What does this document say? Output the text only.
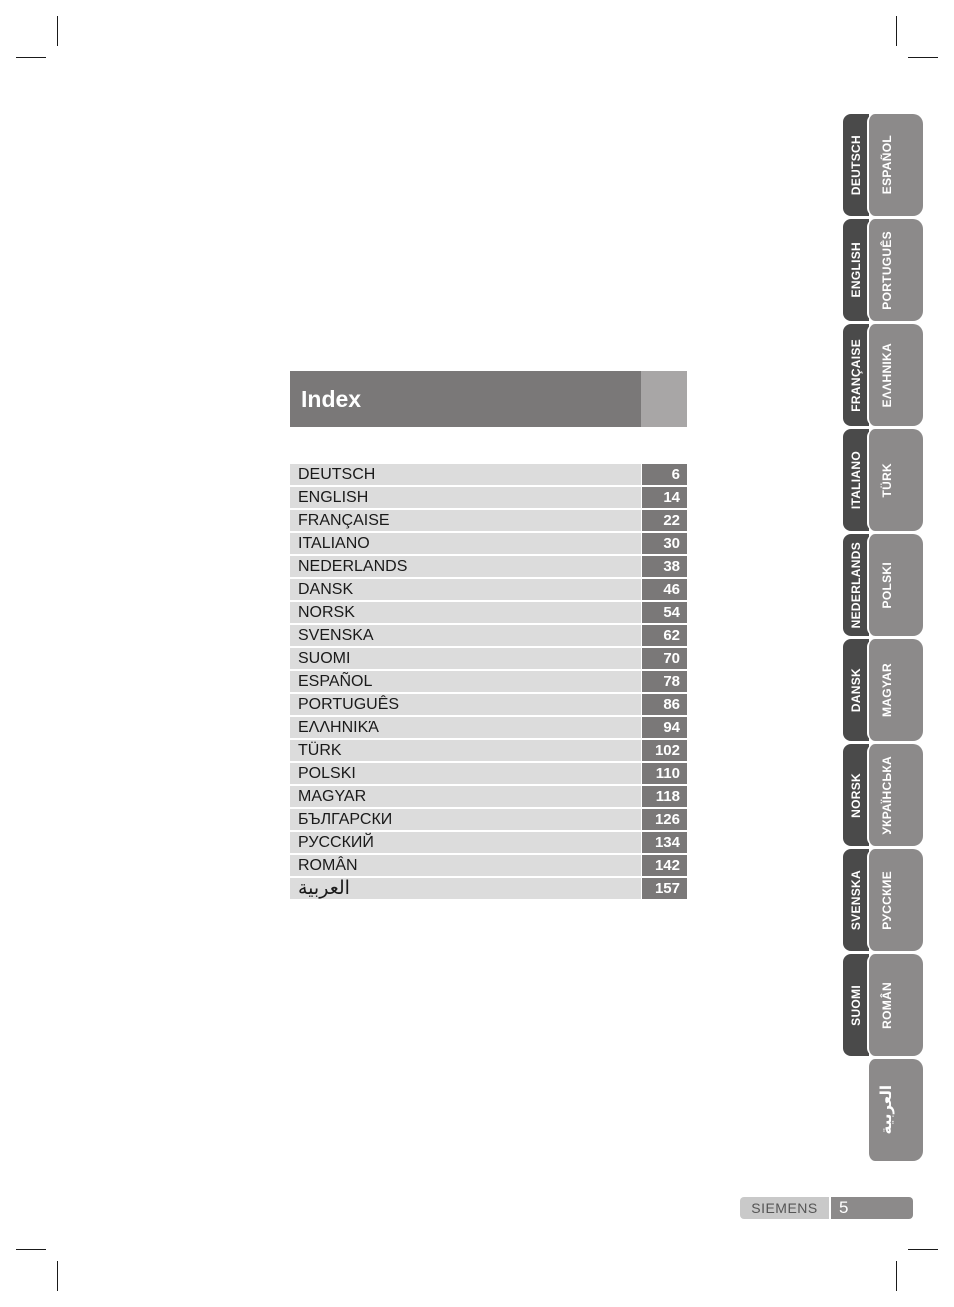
Index
DEUTSCH	6
ENGLISH	14
FRANÇAISE	22
ITALIANO	30
NEDERLANDS	38
DANSK	46
NORSK	54
SVENSKA	62
SUOMI	70
ESPAÑOL	78
PORTUGUÊS	86
ΕΛΛΗΝΙΚΆ	94
TÜRK	102
POLSKI	110
MAGYAR	118
БЪЛГАРСКИ	126
РУССКИЙ	134
ROMÂN	142
العربية	157
DEUTSCH
ENGLISH
FRANÇAISE
ITALIANO
NEDERLANDS
DANSK
NORSK
SVENSKA
SUOMI
ESPAÑOL
PORTUGUÊS
ΕΛΛΗΝΙΚΑ
TÜRK
POLSKI
MAGYAR
УКРАЇНСЬКА
РУССКИЕ
ROMÂN
العربية
SIEMENS	5
